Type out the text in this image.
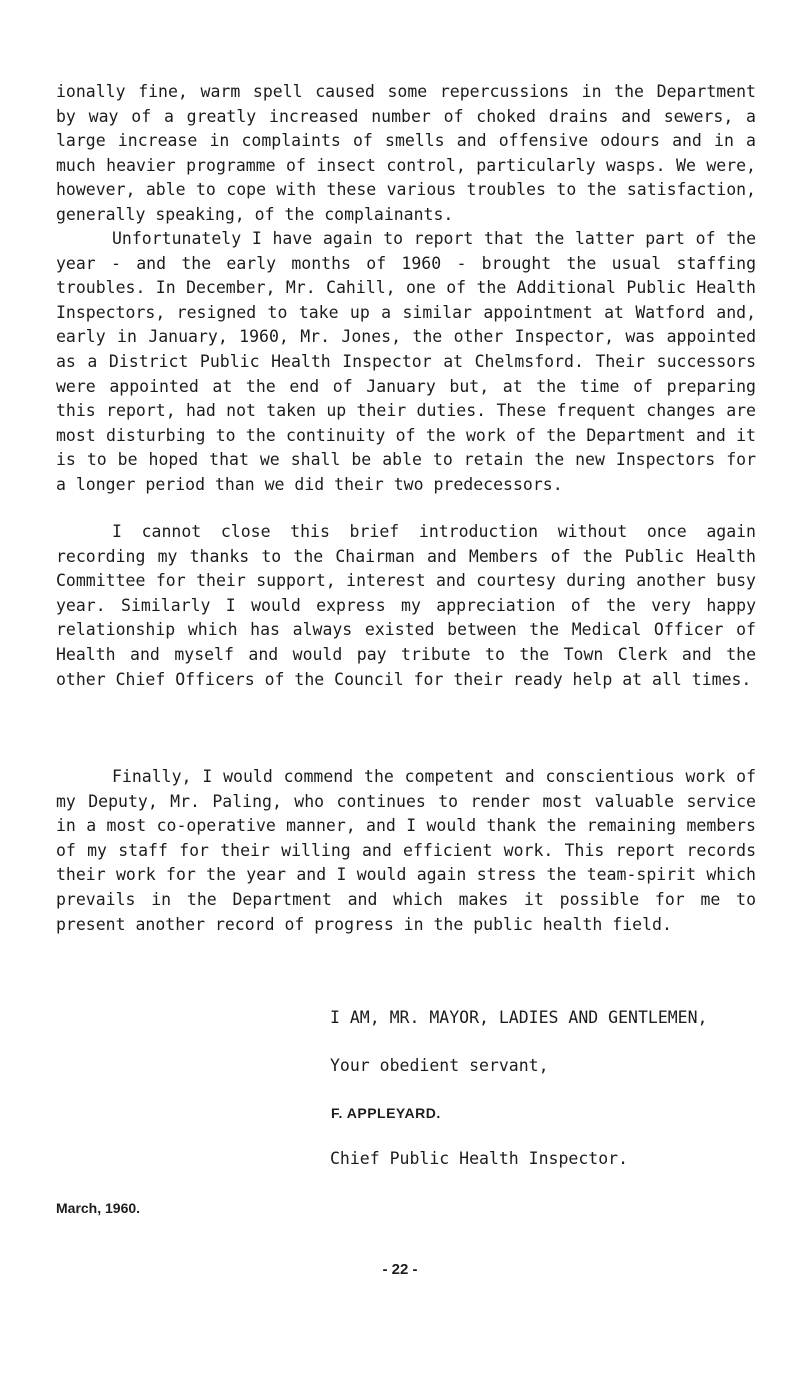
ionally fine, warm spell caused some repercussions in the Department by way of a greatly increased number of choked drains and sewers, a large increase in complaints of smells and offensive odours and in a much heavier programme of insect control, particularly wasps. We were, however, able to cope with these various troubles to the satisfaction, generally speaking, of the complainants.

Unfortunately I have again to report that the latter part of the year - and the early months of 1960 - brought the usual staffing troubles. In December, Mr. Cahill, one of the Additional Public Health Inspectors, resigned to take up a similar appointment at Watford and, early in January, 1960, Mr. Jones, the other Inspector, was appointed as a District Public Health Inspector at Chelmsford. Their successors were appointed at the end of January but, at the time of preparing this report, had not taken up their duties. These frequent changes are most disturbing to the continuity of the work of the Department and it is to be hoped that we shall be able to retain the new Inspectors for a longer period than we did their two predecessors.

I cannot close this brief introduction without once again recording my thanks to the Chairman and Members of the Public Health Committee for their support, interest and courtesy during another busy year. Similarly I would express my appreciation of the very happy relationship which has always existed between the Medical Officer of Health and myself and would pay tribute to the Town Clerk and the other Chief Officers of the Council for their ready help at all times.

Finally, I would commend the competent and conscientious work of my Deputy, Mr. Paling, who continues to render most valuable service in a most co-operative manner, and I would thank the remaining members of my staff for their willing and efficient work. This report records their work for the year and I would again stress the team-spirit which prevails in the Department and which makes it possible for me to present another record of progress in the public health field.

I AM, MR. MAYOR, LADIES AND GENTLEMEN,
Your obedient servant,
F. APPLEYARD.
Chief Public Health Inspector.
March, 1960.
- 22 -
